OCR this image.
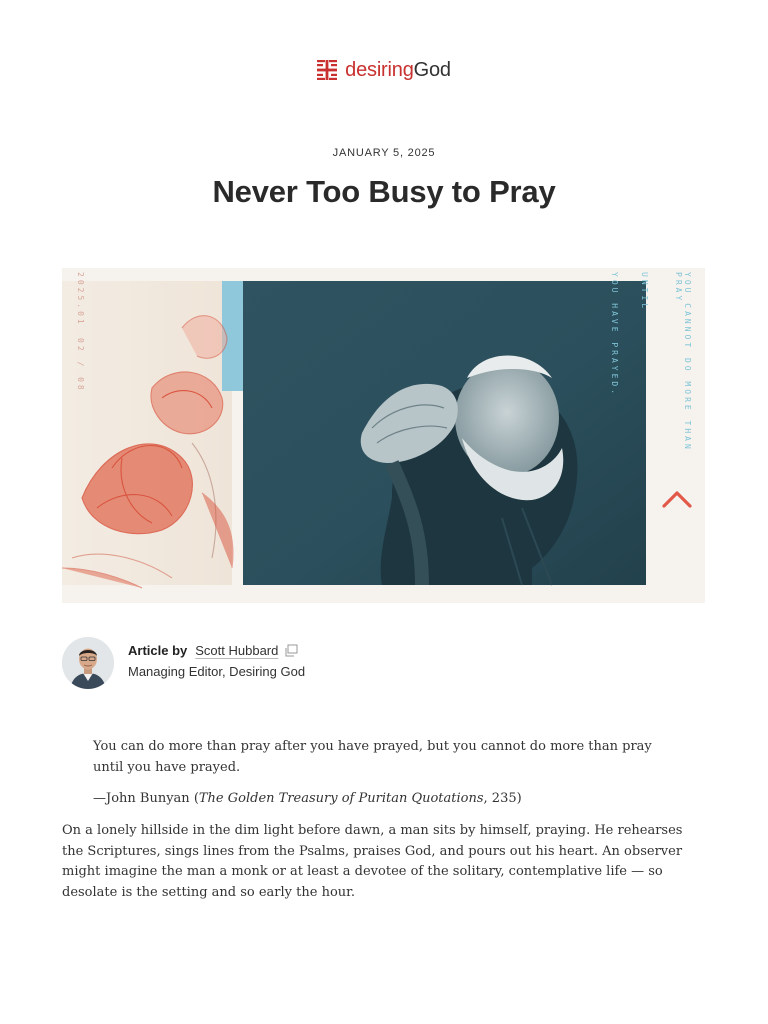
desiringGod
JANUARY 5, 2025
Never Too Busy to Pray
2025.01
02 / 08	YOU HAVE PRAYED.	UNTIL	YOU CANNOT DO MORE THAN PRAY
Article by Scott Hubbard
Managing Editor, Desiring God

You can do more than pray after you have prayed, but you cannot do more than pray until you have prayed.

—John Bunyan (The Golden Treasury of Puritan Quotations, 235)

On a lonely hillside in the dim light before dawn, a man sits by himself, praying. He rehearses the Scriptures, sings lines from the Psalms, praises God, and pours out his heart. An observer might imagine the man a monk or at least a devotee of the solitary, contemplative life — so desolate is the setting and so early the hour.
